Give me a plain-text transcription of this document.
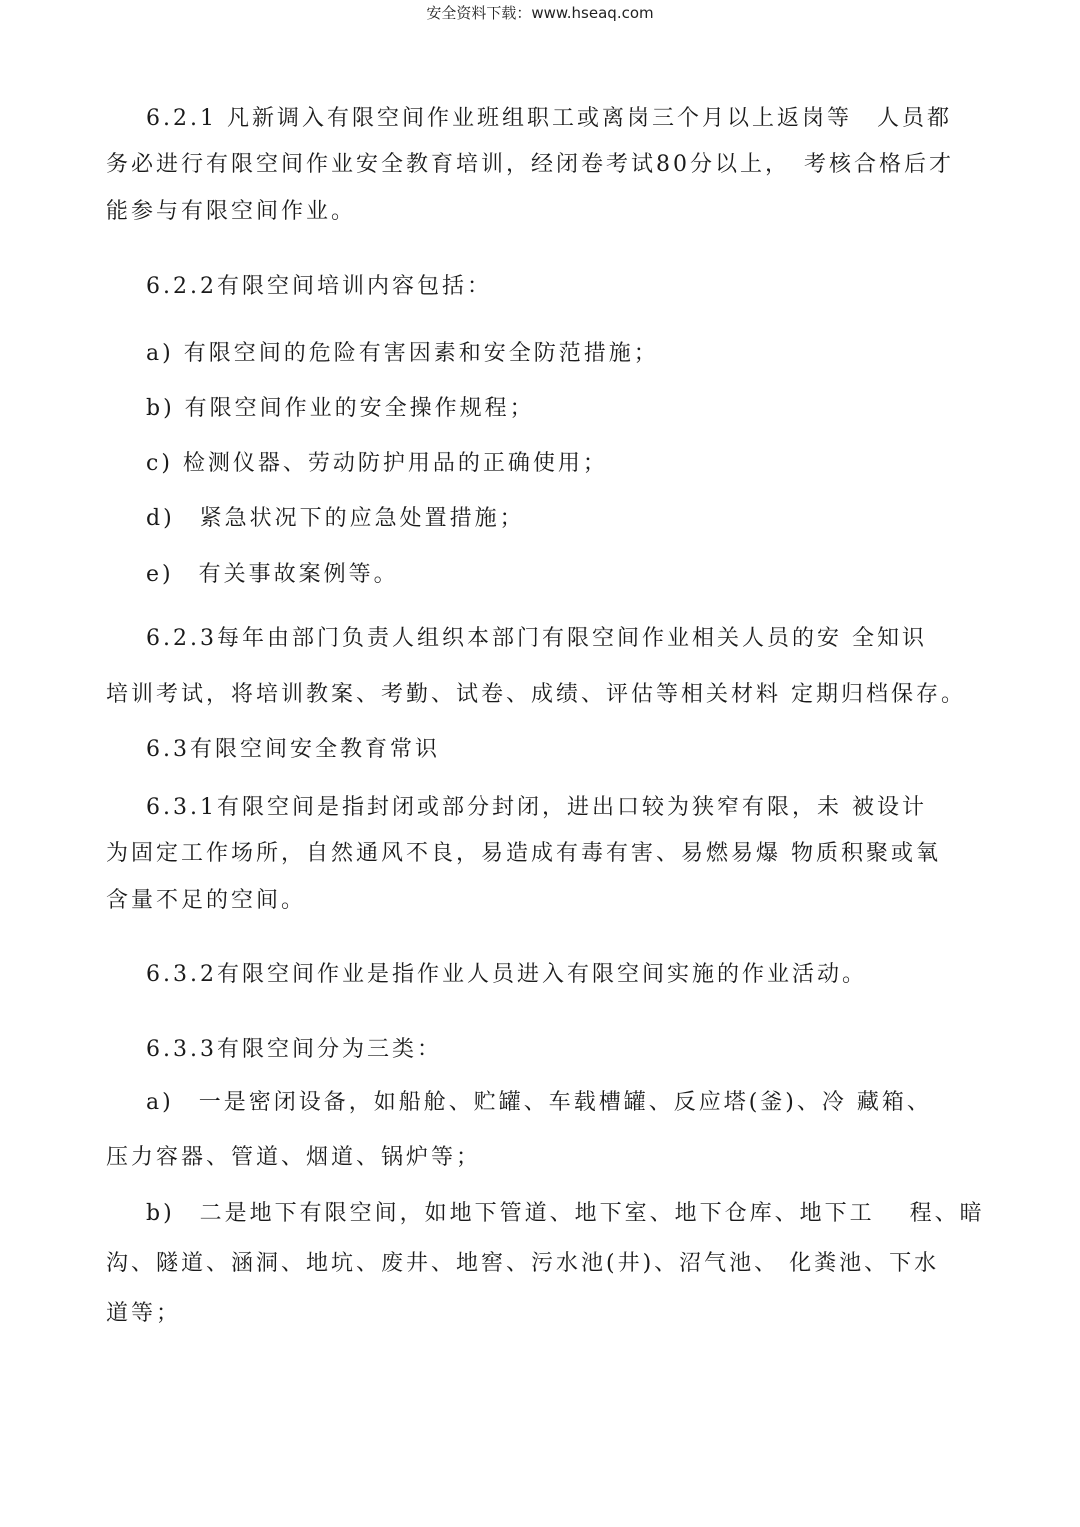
安全资料下载：www.hseaq.com
6.2.1 凡新调入有限空间作业班组职工或离岗三个月以上返岗等　人员都
务必进行有限空间作业安全教育培训，经闭卷考试80分以上，　考核合格后才
能参与有限空间作业。
6.2.2有限空间培训内容包括：
a) 有限空间的危险有害因素和安全防范措施；
b) 有限空间作业的安全操作规程；
c) 检测仪器、劳动防护用品的正确使用；
d)　紧急状况下的应急处置措施；
e)　有关事故案例等。
6.2.3每年由部门负责人组织本部门有限空间作业相关人员的安 全知识
培训考试，将培训教案、考勤、试卷、成绩、评估等相关材料 定期归档保存。
6.3有限空间安全教育常识
6.3.1有限空间是指封闭或部分封闭，进出口较为狭窄有限，未 被设计
为固定工作场所，自然通风不良，易造成有毒有害、易燃易爆 物质积聚或氧
含量不足的空间。
6.3.2有限空间作业是指作业人员进入有限空间实施的作业活动。
6.3.3有限空间分为三类：
a)　一是密闭设备，如船舱、贮罐、车载槽罐、反应塔(釜)、冷 藏箱、
压力容器、管道、烟道、锅炉等；
b)　二是地下有限空间，如地下管道、地下室、地下仓库、地下工　 程、暗
沟、隧道、涵洞、地坑、废井、地窖、污水池(井)、沼气池、 化粪池、下水
道等；
